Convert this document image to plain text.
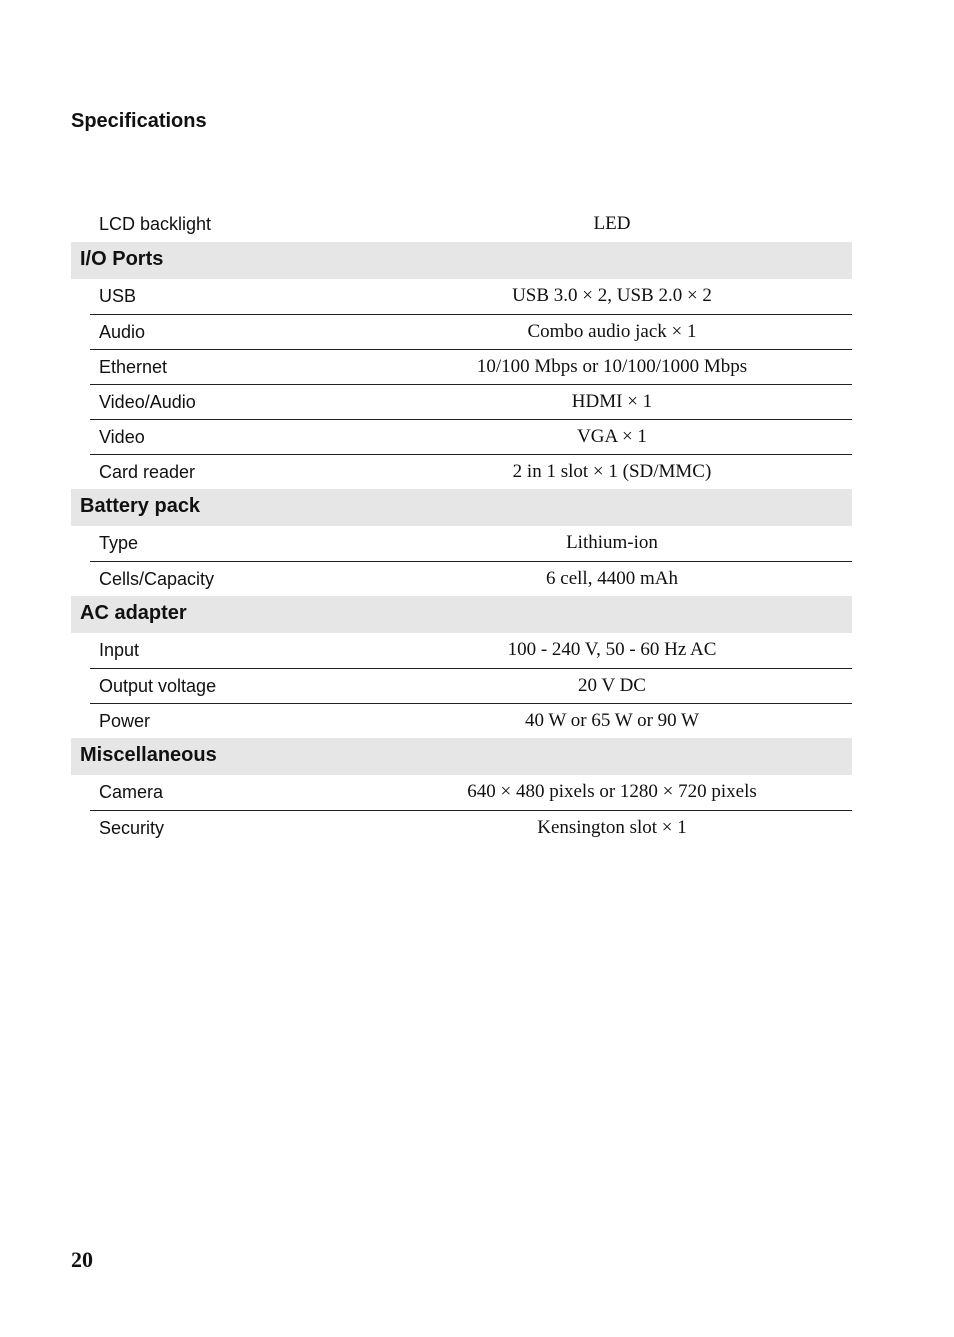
Specifications
LCD backlight	LED
I/O Ports
USB	USB 3.0 × 2, USB 2.0 × 2
Audio	Combo audio jack × 1
Ethernet	10/100 Mbps or 10/100/1000 Mbps
Video/Audio	HDMI × 1
Video	VGA × 1
Card reader	2 in 1 slot × 1 (SD/MMC)
Battery pack
Type	Lithium-ion
Cells/Capacity	6 cell, 4400 mAh
AC adapter
Input	100 - 240 V, 50 - 60 Hz AC
Output voltage	20 V DC
Power	40 W or 65 W or 90 W
Miscellaneous
Camera	640 × 480 pixels or 1280 × 720 pixels
Security	Kensington slot × 1
20
